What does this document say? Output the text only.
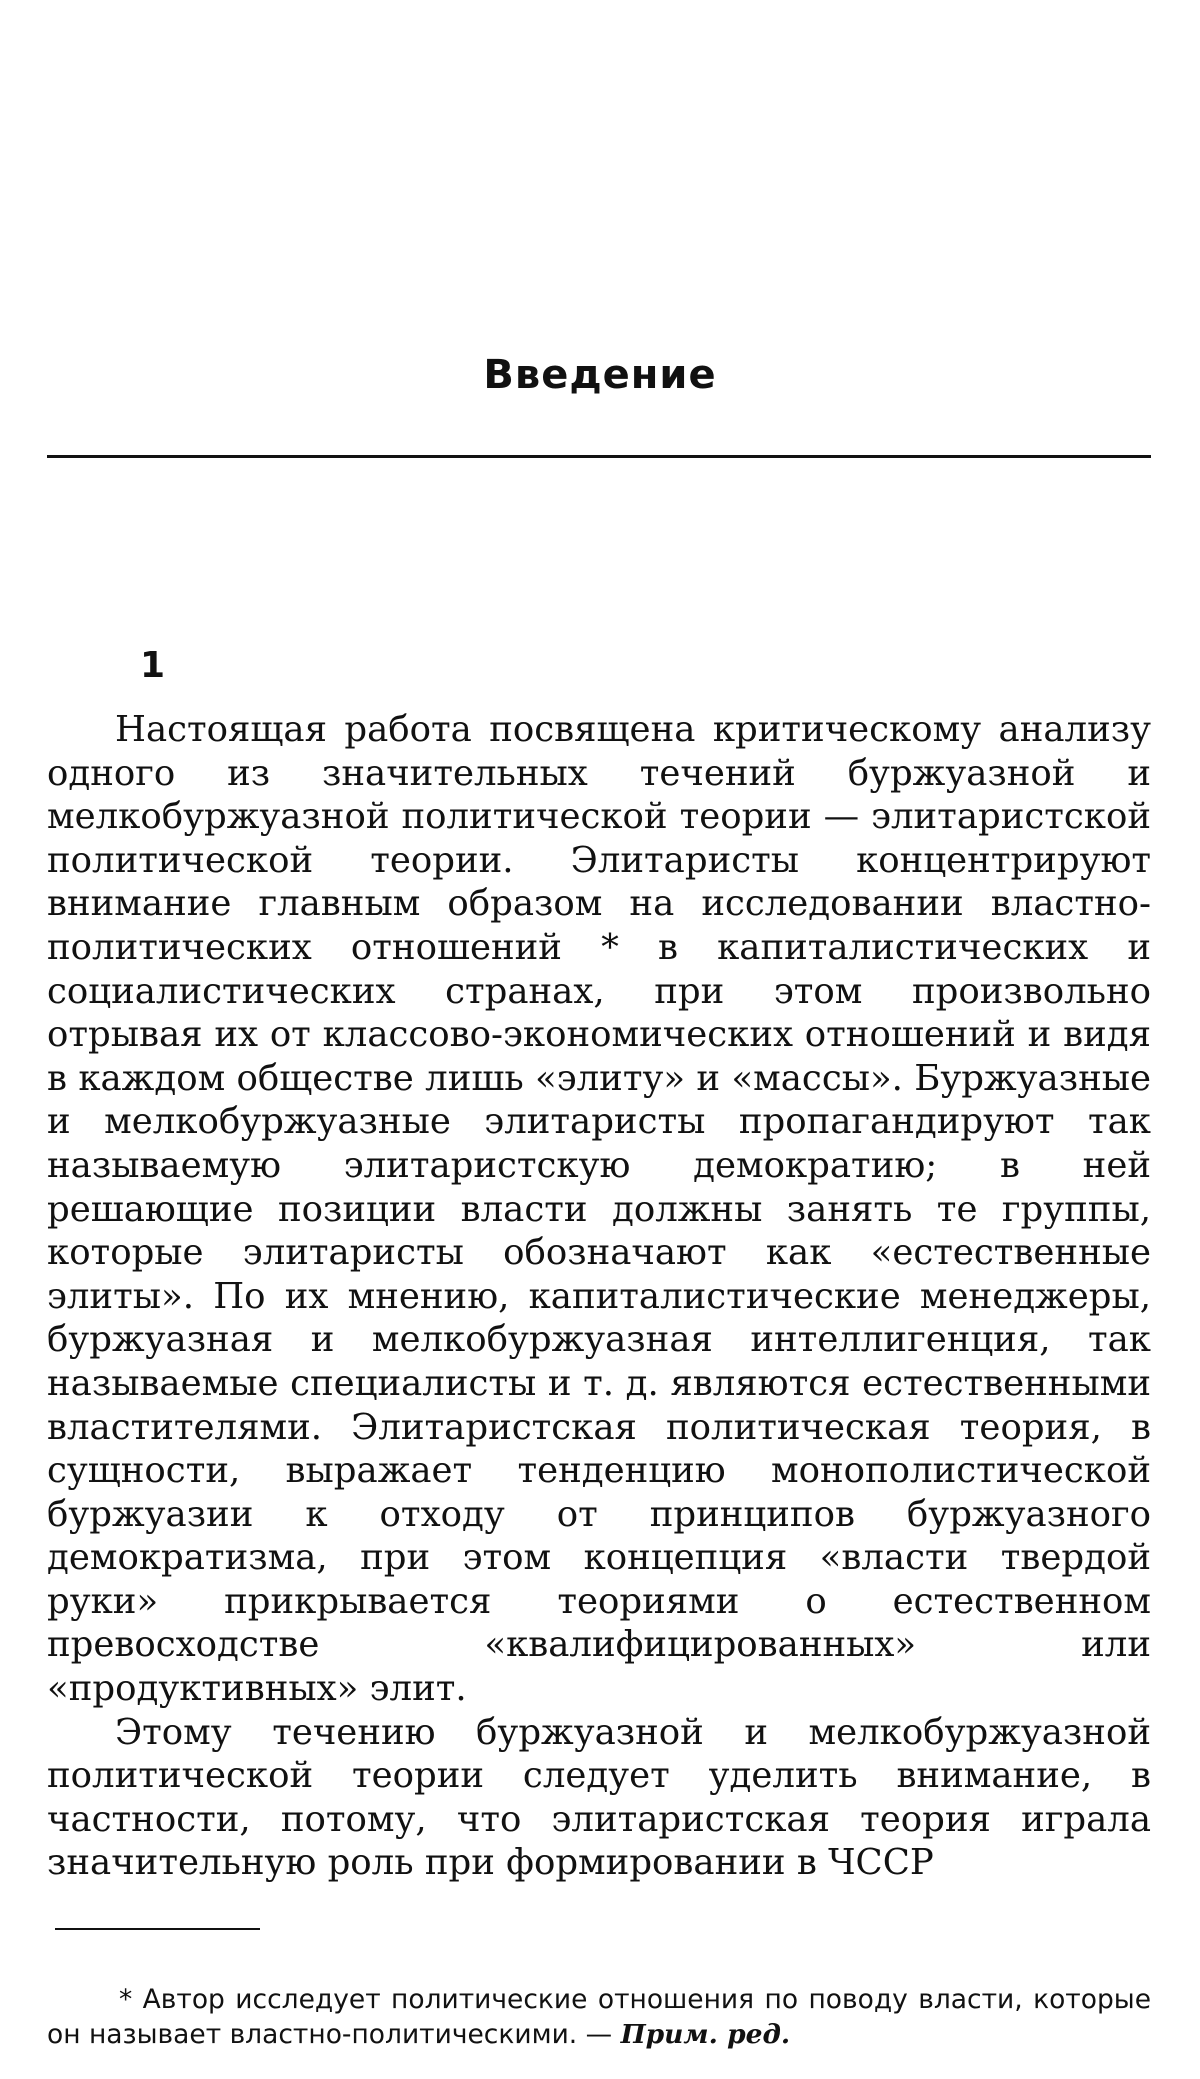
Введение
1

Настоящая работа посвящена критическому анализу одного из значительных течений буржуазной и мелкобуржуазной политической теории — элитаристской политической теории. Элитаристы концентрируют внимание главным образом на исследовании властно-политических отношений * в капиталистических и социалистических странах, при этом произвольно отрывая их от классово-экономических отношений и видя в каждом обществе лишь «элиту» и «массы». Буржуазные и мелкобуржуазные элитаристы пропагандируют так называемую элитаристскую демократию; в ней решающие позиции власти должны занять те группы, которые элитаристы обозначают как «естественные элиты». По их мнению, капиталистические менеджеры, буржуазная и мелкобуржуазная интеллигенция, так называемые специалисты и т. д. являются естественными властителями. Элитаристская политическая теория, в сущности, выражает тенденцию монополистической буржуазии к отходу от принципов буржуазного демократизма, при этом концепция «власти твердой руки» прикрывается теориями о естественном превосходстве «квалифицированных» или «продуктивных» элит.

Этому течению буржуазной и мелкобуржуазной политической теории следует уделить внимание, в частности, потому, что элитаристская теория играла значительную роль при формировании в ЧССР

* Автор исследует политические отношения по поводу власти, которые он называет властно-политическими. — Прим. ред.
